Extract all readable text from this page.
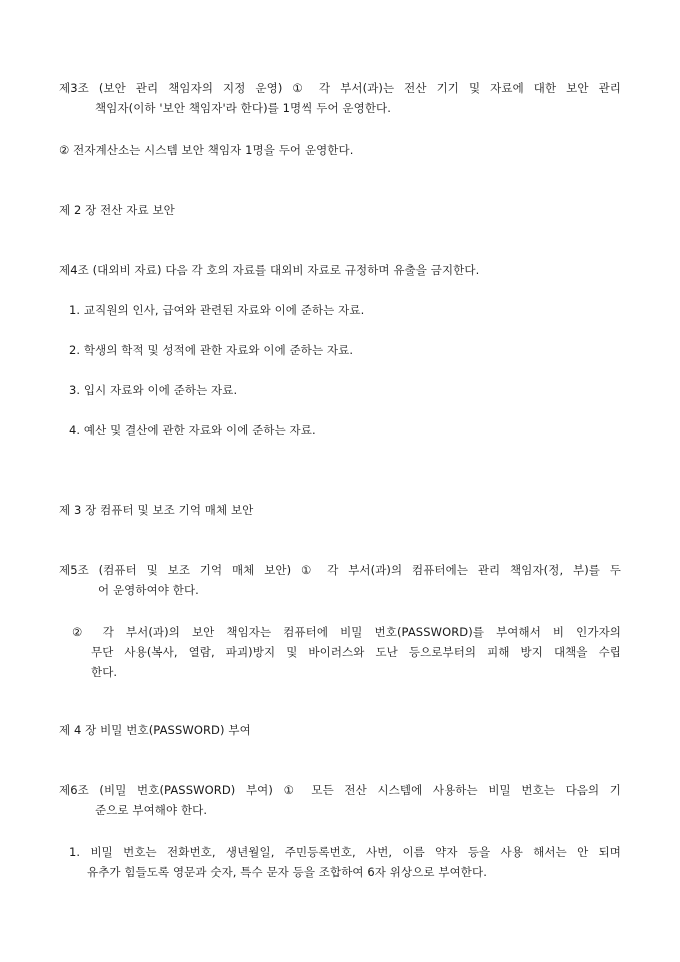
제3조 (보안 관리 책임자의 지정 운영) ① 각 부서(과)는 전산 기기 및 자료에 대한 보안 관리
책임자(이하 '보안 책임자'라 한다)를 1명씩 두어 운영한다.
② 전자계산소는 시스템 보안 책임자 1명을 두어 운영한다.
제 2 장 전산 자료 보안
제4조 (대외비 자료) 다음 각 호의 자료를 대외비 자료로 규정하며 유출을 금지한다.
1. 교직원의 인사, 급여와 관련된 자료와 이에 준하는 자료.
2. 학생의 학적 및 성적에 관한 자료와 이에 준하는 자료.
3. 입시 자료와 이에 준하는 자료.
4. 예산 및 결산에 관한 자료와 이에 준하는 자료.
제 3 장 컴퓨터 및 보조 기억 매체 보안
제5조 (컴퓨터 및 보조 기억 매체 보안) ① 각 부서(과)의 컴퓨터에는 관리 책임자(정, 부)를 두
어 운영하여야 한다.
② 각 부서(과)의 보안 책임자는 컴퓨터에 비밀 번호(PASSWORD)를 부여해서 비 인가자의
무단 사용(복사, 열람, 파괴)방지 및 바이러스와 도난 등으로부터의 피해 방지 대책을 수립
한다.
제 4 장 비밀 번호(PASSWORD) 부여
제6조 (비밀 번호(PASSWORD) 부여) ① 모든 전산 시스템에 사용하는 비밀 번호는 다음의 기
준으로 부여해야 한다.
1. 비밀 번호는 전화번호, 생년월일, 주민등록번호, 사번, 이름 약자 등을 사용 해서는 안 되며
유추가 힘들도록 영문과 숫자, 특수 문자 등을 조합하여 6자 위상으로 부여한다.
